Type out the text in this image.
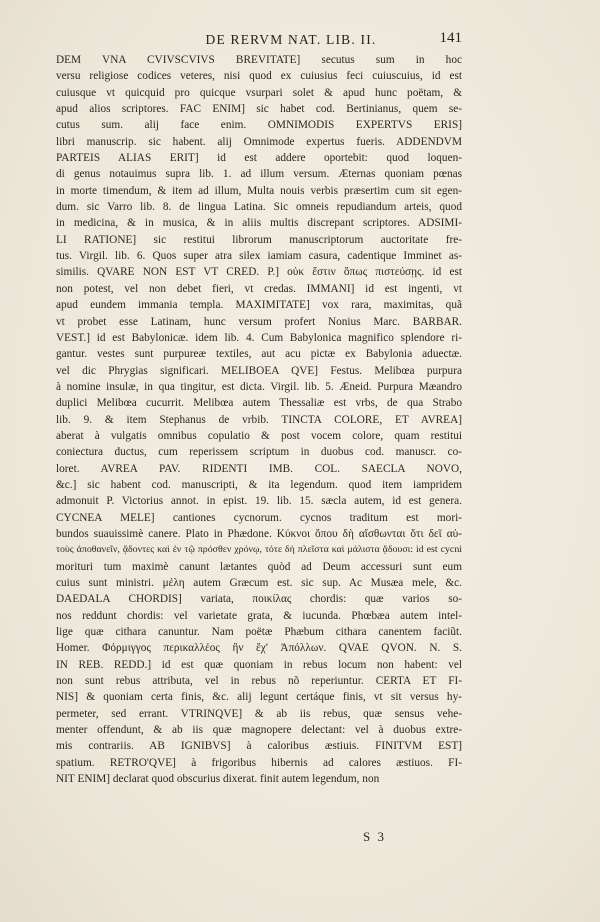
DE RERVM NAT. LIB. II.	141
DEM VNA CVIVSCVIVS BREVITATE] secutus sum in hoc
versu religiose codices veteres, nisi quod ex cuiusius feci cuiuscuius, id est
cuiusque vt quicquid pro quicque vsurpari solet & apud hunc poëtam, &
apud alios scriptores. FAC ENIM] sic habet cod. Bertinianus, quem se-
cutus sum. alij face enim. OMNIMODIS EXPERTVS ERIS]
libri manuscrip. sic habent. alij Omnimode expertus fueris. ADDENDVM
PARTEIS ALIAS ERIT] id est addere oportebit: quod loquen-
di genus notauimus supra lib. 1. ad illum versum. Æternas quoniam pœnas
in morte timendum, & item ad illum, Multa nouis verbis præsertim cum sit egen-
dum. sic Varro lib. 8. de lingua Latina. Sic omneis repudiandum arteis, quod
in medicina, & in musica, & in aliis multis discrepant scriptores. ADSIMI-
LI RATIONE] sic restitui librorum manuscriptorum auctoritate fre-
tus. Virgil. lib. 6. Quos super atra silex iamiam casura, cadentique Imminet as-
similis. QVARE NON EST VT CRED. P.] οὐκ ἔστιν ὅπως πιστεύσῃς. id est
non potest, vel non debet fieri, vt credas. IMMANI] id est ingenti, vt
apud eundem immania templa. MAXIMITATE] vox rara, maximitas, quã
vt probet esse Latinam, hunc versum profert Nonius Marc. BARBAR.
VEST.] id est Babylonicæ. idem lib. 4. Cum Babylonica magnifico splendore ri-
gantur. vestes sunt purpureæ textiles, aut acu pictæ ex Babylonia aduectæ.
vel dic Phrygias significari. MELIBOEA QVE] Festus. Melibœa purpura
à nomine insulæ, in qua tingitur, est dicta. Virgil. lib. 5. Æneid. Purpura Mæandro
duplici Melibœa cucurrit. Melibœa autem Thessaliæ est vrbs, de qua Strabo
lib. 9. & item Stephanus de vrbib. TINCTA COLORE, ET AVREA]
aberat à vulgatis omnibus copulatio & post vocem colore, quam restitui
coniectura ductus, cum reperissem scriptum in duobus cod. manuscr. co-
loret. AVREA PAV. RIDENTI IMB. COL. SAECLA NOVO,
&c.] sic habent cod. manuscripti, & ita legendum. quod item iampridem
admonuit P. Victorius annot. in epist. 19. lib. 15. sæcla autem, id est genera.
CYCNEA MELE] cantiones cycnorum. cycnos traditum est mori-
bundos suauissimè canere. Plato in Phædone. Κύκνοι ὅπου δὴ αἴσθωνται ὅτι δεῖ αὐ-
τοὺς ἀποθανεῖν, ᾄδοντες καὶ ἐν τῷ πρόσθεν χρόνῳ, τότε δὴ πλεῖστα καὶ μάλιστα ᾄδουσι: id est cycni
morituri tum maximè canunt lætantes quòd ad Deum accessuri sunt eum
cuius sunt ministri. μέλη autem Græcum est. sic sup. Ac Musæa mele, &c.
DAEDALA CHORDIS] variata, ποικίλας chordis: quæ varios so-
nos reddunt chordis: vel varietate grata, & iucunda. Phœbæa autem intel-
lige quæ cithara canuntur. Nam poëtæ Phæbum cithara canentem faciũt.
Homer. Φόρμιγγος περικαλλέος ἣν ἔχ' Ἀπόλλων. QVAE QVON. N. S.
IN REB. REDD.] id est quæ quoniam in rebus locum non habent: vel
non sunt rebus attributa, vel in rebus nõ reperiuntur. CERTA ET FI-
NIS] & quoniam certa finis, &c. alij legunt certáque finis, vt sit versus hy-
permeter, sed errant. VTRINQVE] & ab iis rebus, quæ sensus vehe-
menter offendunt, & ab iis quæ magnopere delectant: vel à duobus extre-
mis contrariis. AB IGNIBVS] à caloribus æstiuis. FINITVM EST]
spatium. RETRO'QVE] à frigoribus hibernis ad calores æstiuos. FI-
NIT ENIM] declarat quod obscurius dixerat. finit autem legendum, non
S 3
